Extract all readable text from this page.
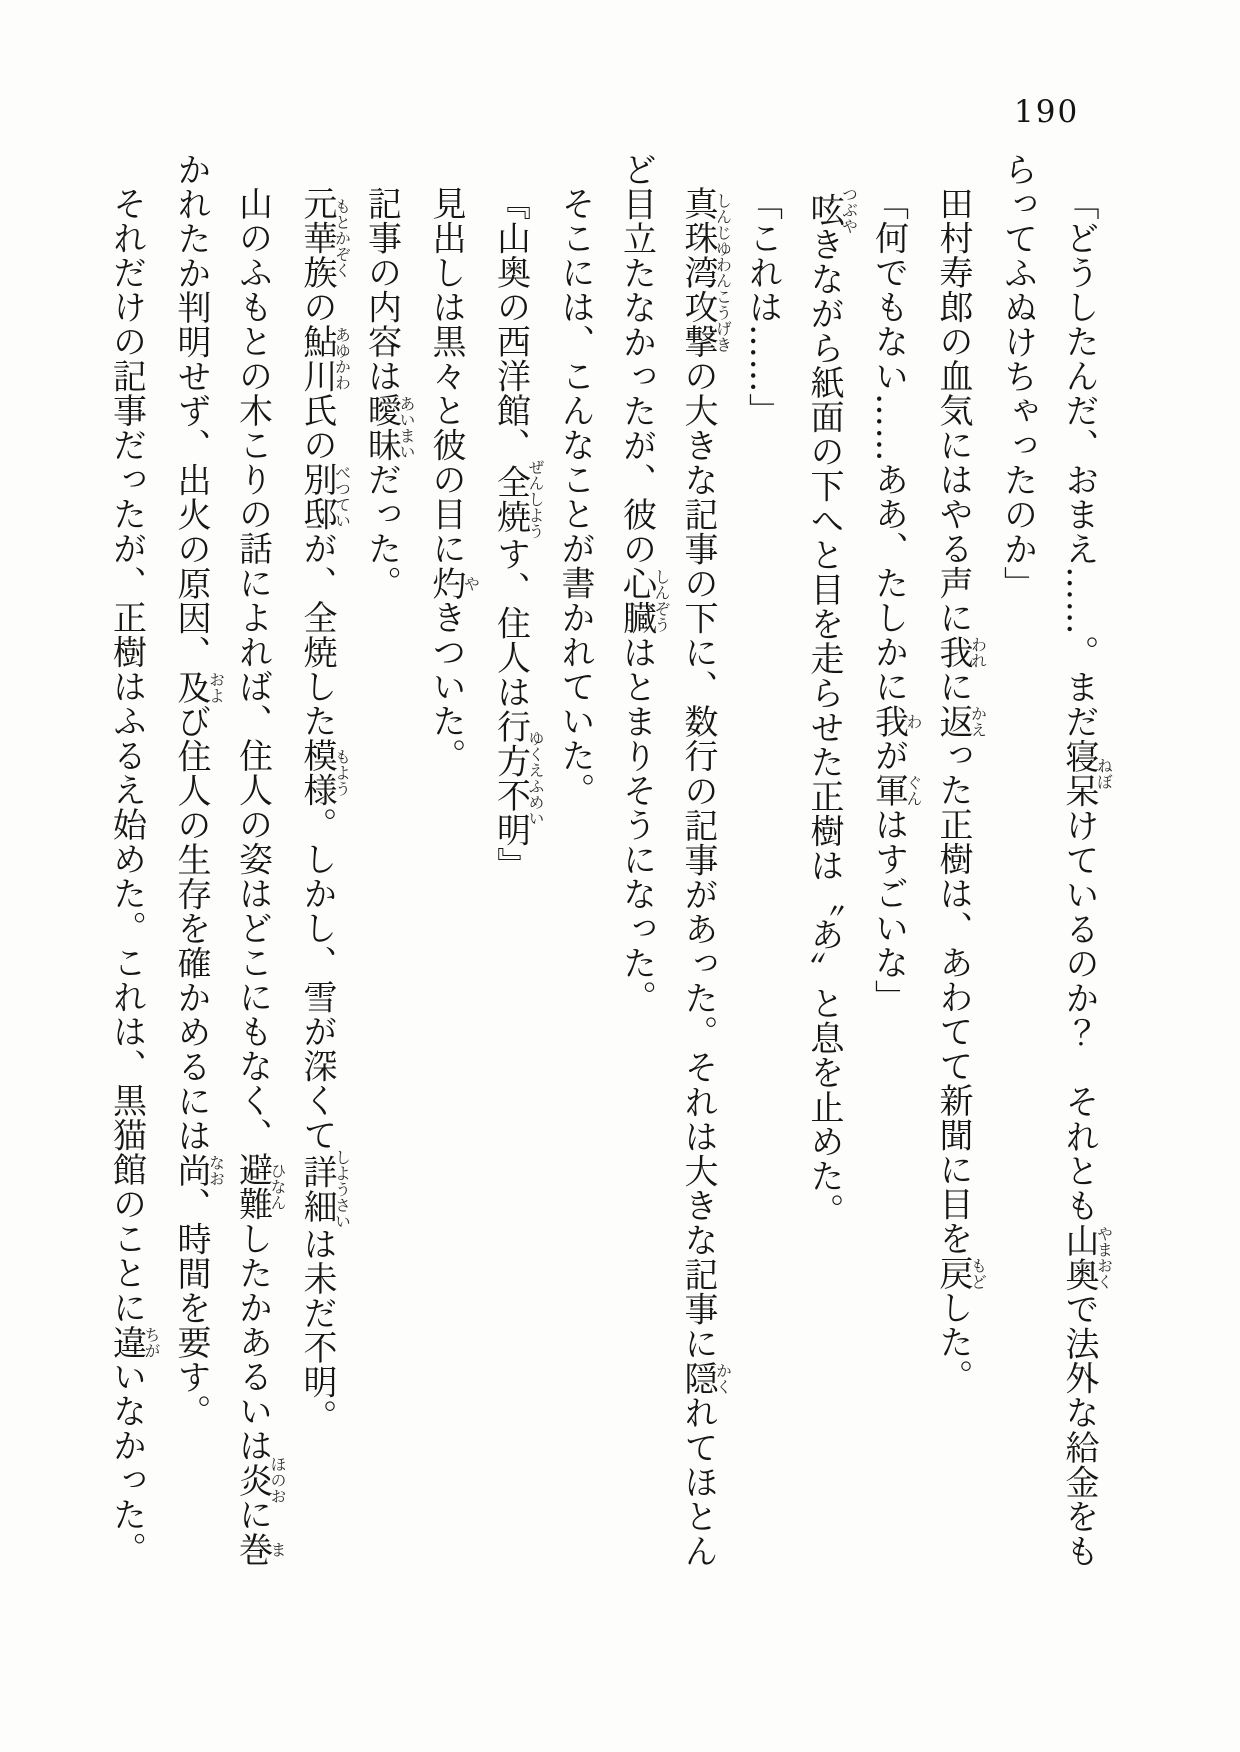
190

「どうしたんだ、おまえ……。まだ寝呆ねぼけているのか？　それとも山奥やまおくで法外な給金をもらってふぬけちゃったのか」

田村寿郎の血気にはやる声に我われに返かえった正樹は、あわてて新聞に目を戻もどした。

「何でもない……ああ、たしかに我わが軍ぐんはすごいな」

呟つぶやきながら紙面の下へと目を走らせた正樹は〝あ〞と息を止めた。

「これは……」

真珠湾攻撃しんじゆわんこうげきの大きな記事の下に、数行の記事があった。それは大きな記事に隠かくれてほとんど目立たなかったが、彼の心臓しんぞうはとまりそうになった。

そこには、こんなことが書かれていた。

『山奥の西洋館、全焼ぜんしようす、住人は行方不明ゆくえふめい』

見出しは黒々と彼の目に灼やきついた。

記事の内容は曖昧あいまいだった。

元華族もとかぞくの鮎川あゆかわ氏の別邸べつていが、全焼した模様もよう。しかし、雪が深くて詳細しようさいは未だ不明。

山のふもとの木こりの話によれば、住人の姿はどこにもなく、避難ひなんしたかあるいは炎ほのおに巻まかれたか判明せず、出火の原因、及および住人の生存を確かめるには尚なお、時間を要す。

それだけの記事だったが、正樹はふるえ始めた。これは、黒猫館のことに違ちがいなかった。
